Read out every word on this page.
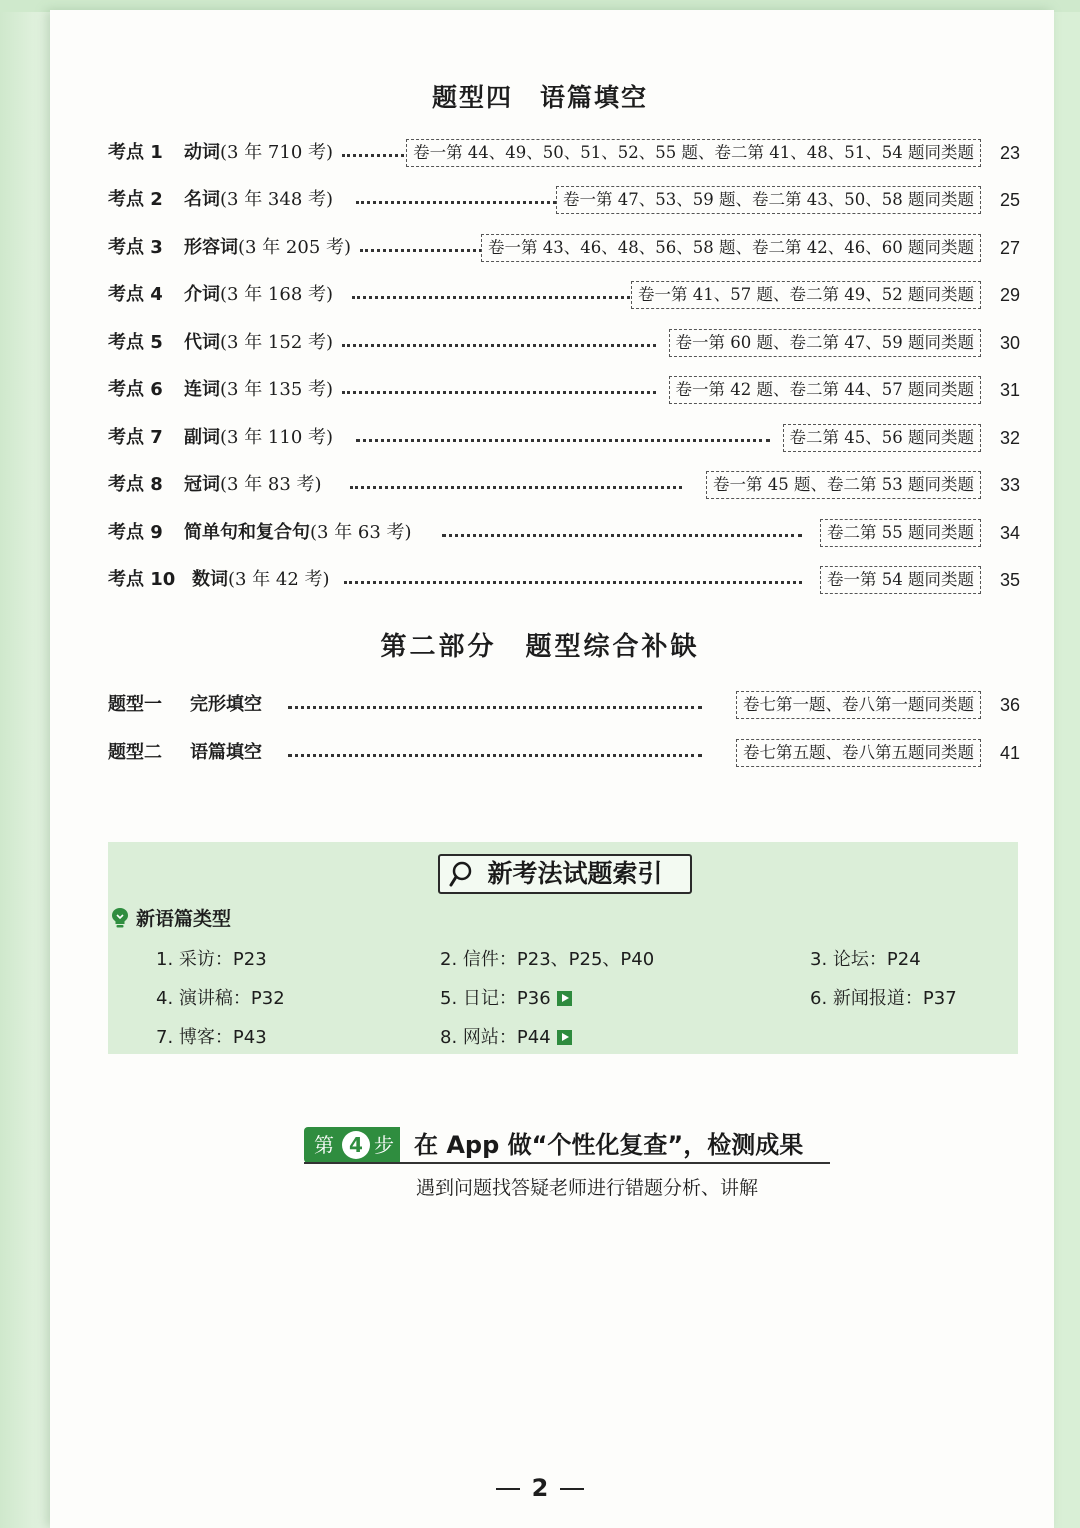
题型四　语篇填空
考点 1 动词(3 年 710 考)	卷一第 44、49、50、51、52、55 题、卷二第 41、48、51、54 题同类题	23
考点 2 名词(3 年 348 考)	卷一第 47、53、59 题、卷二第 43、50、58 题同类题	25
考点 3 形容词(3 年 205 考)	卷一第 43、46、48、56、58 题、卷二第 42、46、60 题同类题	27
考点 4 介词(3 年 168 考)	卷一第 41、57 题、卷二第 49、52 题同类题	29
考点 5 代词(3 年 152 考)	卷一第 60 题、卷二第 47、59 题同类题	30
考点 6 连词(3 年 135 考)	卷一第 42 题、卷二第 44、57 题同类题	31
考点 7 副词(3 年 110 考)	卷二第 45、56 题同类题	32
考点 8 冠词(3 年 83 考)	卷一第 45 题、卷二第 53 题同类题	33
考点 9 简单句和复合句(3 年 63 考)	卷二第 55 题同类题	34
考点 10 数词(3 年 42 考)	卷一第 54 题同类题	35
第二部分　题型综合补缺
题型一 完形填空	卷七第一题、卷八第一题同类题	36
题型二 语篇填空	卷七第五题、卷八第五题同类题	41
新考法试题索引
新语篇类型
1. 采访：P23	2. 信件：P23、P25、P40	3. 论坛：P24
4. 演讲稿：P32	5. 日记：P36	6. 新闻报道：P37
7. 博客：P43	8. 网站：P44
第 4 步 在 App 做“个性化复查”，检测成果
遇到问题找答疑老师进行错题分析、讲解
2
